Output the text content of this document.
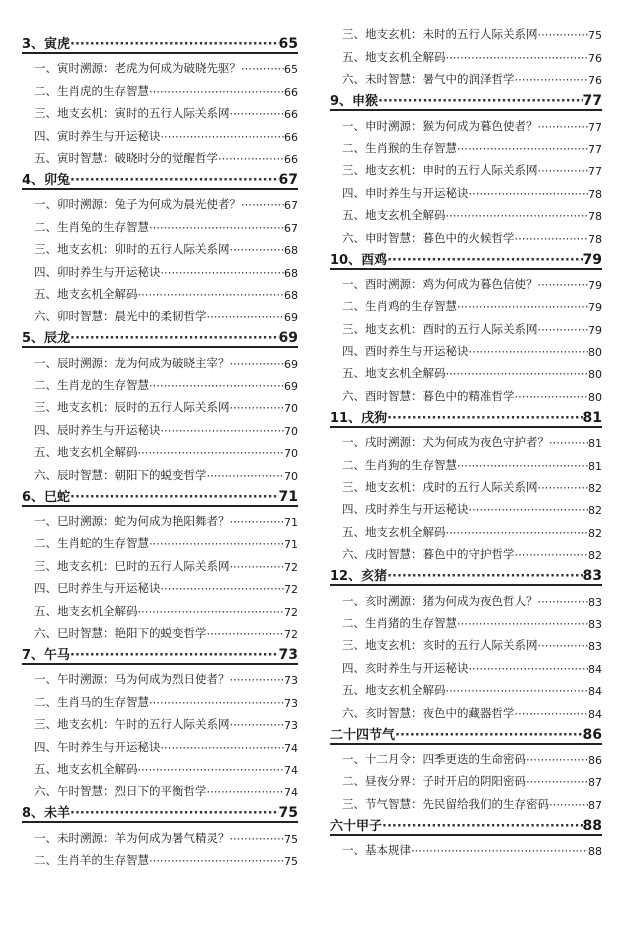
3、寅虎 ·····	65
一、寅时溯源：老虎为何成为破晓先驱？ ·····	65
二、生肖虎的生存智慧 ·····	66
三、地支玄机：寅时的五行人际关系网 ·····	66
四、寅时养生与开运秘诀 ·····	66
五、寅时智慧：破晓时分的觉醒哲学 ·····	66
4、卯兔 ·····	67
一、卯时溯源：兔子为何成为晨光使者？ ·····	67
二、生肖兔的生存智慧 ·····	67
三、地支玄机：卯时的五行人际关系网 ·····	68
四、卯时养生与开运秘诀 ·····	68
五、地支玄机全解码 ·····	68
六、卯时智慧：晨光中的柔韧哲学 ·····	69
5、辰龙 ·····	69
一、辰时溯源：龙为何成为破晓主宰？ ·····	69
二、生肖龙的生存智慧 ·····	69
三、地支玄机：辰时的五行人际关系网 ·····	70
四、辰时养生与开运秘诀 ·····	70
五、地支玄机全解码 ·····	70
六、辰时智慧：朝阳下的蜕变哲学 ·····	70
6、巳蛇 ·····	71
一、巳时溯源：蛇为何成为艳阳舞者？ ·····	71
二、生肖蛇的生存智慧 ·····	71
三、地支玄机：巳时的五行人际关系网 ·····	72
四、巳时养生与开运秘诀 ·····	72
五、地支玄机全解码 ·····	72
六、巳时智慧：艳阳下的蜕变哲学 ·····	72
7、午马 ·····	73
一、午时溯源：马为何成为烈日使者？ ·····	73
二、生肖马的生存智慧 ·····	73
三、地支玄机：午时的五行人际关系网 ·····	73
四、午时养生与开运秘诀 ·····	74
五、地支玄机全解码 ·····	74
六、午时智慧：烈日下的平衡哲学 ·····	74
8、未羊 ·····	75
一、未时溯源：羊为何成为暑气精灵？ ·····	75
二、生肖羊的生存智慧 ·····	75
三、地支玄机：未时的五行人际关系网 ·····	75
五、地支玄机全解码 ·····	76
六、未时智慧：暑气中的润泽哲学 ·····	76
9、申猴 ·····	77
一、申时溯源：猴为何成为暮色使者？ ·····	77
二、生肖猴的生存智慧 ·····	77
三、地支玄机：申时的五行人际关系网 ·····	77
四、申时养生与开运秘诀 ·····	78
五、地支玄机全解码 ·····	78
六、申时智慧：暮色中的火候哲学 ·····	78
10、酉鸡 ·····	79
一、酉时溯源：鸡为何成为暮色信使？ ·····	79
二、生肖鸡的生存智慧 ·····	79
三、地支玄机：酉时的五行人际关系网 ·····	79
四、酉时养生与开运秘诀 ·····	80
五、地支玄机全解码 ·····	80
六、酉时智慧：暮色中的精准哲学 ·····	80
11、戌狗 ·····	81
一、戌时溯源：犬为何成为夜色守护者？ ·····	81
二、生肖狗的生存智慧 ·····	81
三、地支玄机：戌时的五行人际关系网 ·····	82
四、戌时养生与开运秘诀 ·····	82
五、地支玄机全解码 ·····	82
六、戌时智慧：暮色中的守护哲学 ·····	82
12、亥猪 ·····	83
一、亥时溯源：猪为何成为夜色哲人？ ·····	83
二、生肖猪的生存智慧 ·····	83
三、地支玄机：亥时的五行人际关系网 ·····	83
四、亥时养生与开运秘诀 ·····	84
五、地支玄机全解码 ·····	84
六、亥时智慧：夜色中的藏器哲学 ·····	84
二十四节气 ·····	86
一、十二月令：四季更迭的生命密码 ·····	86
二、昼夜分界：子时开启的阴阳密码 ·····	87
三、节气智慧：先民留给我们的生存密码 ·····	87
六十甲子 ·····	88
一、基本规律 ·····	88
